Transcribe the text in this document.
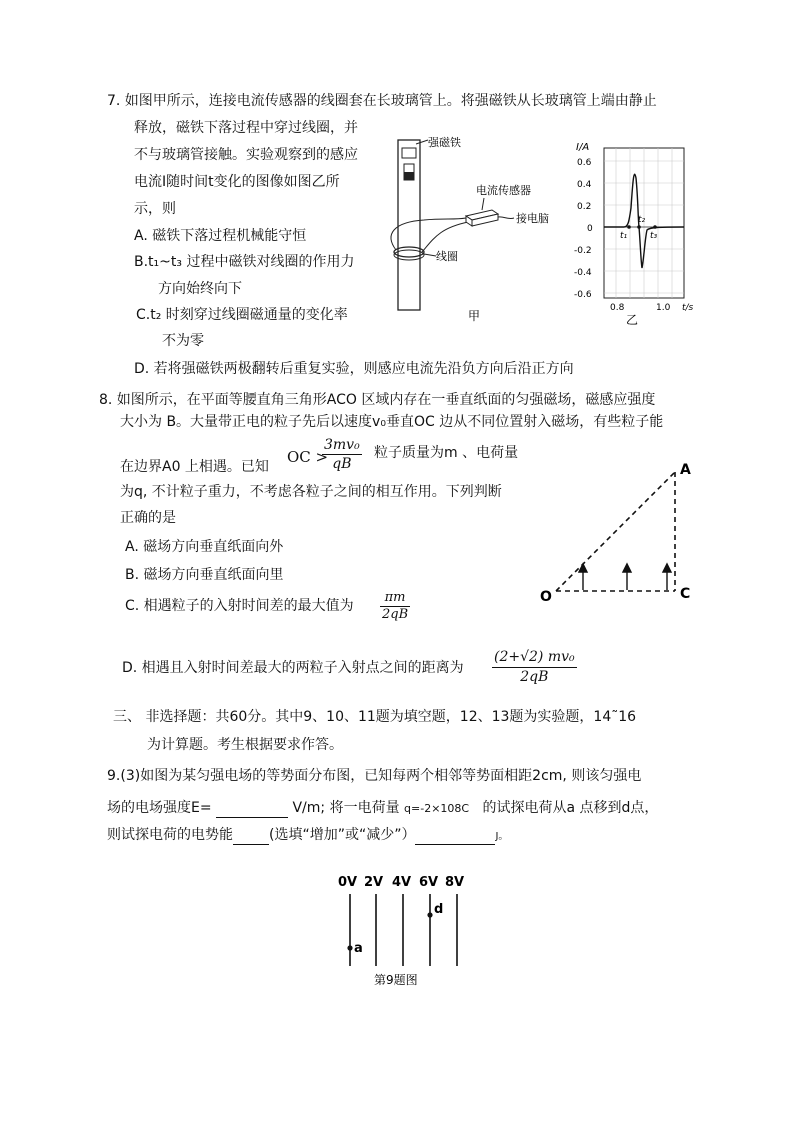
7. 如图甲所示，连接电流传感器的线圈套在长玻璃管上。将强磁铁从长玻璃管上端由静止
释放，磁铁下落过程中穿过线圈，并
不与玻璃管接触。实验观察到的感应
电流I随时间t变化的图像如图乙所
示，则
A. 磁铁下落过程机械能守恒
B.t₁~t₃ 过程中磁铁对线圈的作用力
方向始终向下
C.t₂ 时刻穿过线圈磁通量的变化率
不为零
D. 若将强磁铁两极翻转后重复实验，则感应电流先沿负方向后沿正方向
强磁铁
线圈
电流传感器
接电脑
甲
I/A
0.6
0.4
0.2
0
-0.2
-0.4
-0.6
0.8	1.0 t/s
t₁
t₂
t₃
乙
8. 如图所示，在平面等腰直角三角形ACO 区域内存在一垂直纸面的匀强磁场，磁感应强度
大小为 B。大量带正电的粒子先后以速度v₀垂直OC 边从不同位置射入磁场，有些粒子能
在边界A0 上相遇。已知
OC >
$\frac{\text{3mv₀}}{qB}$ 粒子质量为m 、电荷量
为q, 不计粒子重力，不考虑各粒子之间的相互作用。下列判断
正确的是
A. 磁场方向垂直纸面向外
B. 磁场方向垂直纸面向里
C. 相遇粒子的入射时间差的最大值为 $\frac{\pi m}{2qB}$
D. 相遇且入射时间差最大的两粒子入射点之间的距离为 $\frac{\text{(2+√2) mv₀}}{2qB}$
A
O	C
三、 非选择题：共60分。其中9、10、11题为填空题，12、13题为实验题，14˜16
为计算题。考生根据要求作答。
9.(3)如图为某匀强电场的等势面分布图，已知每两个相邻等势面相距2cm, 则该匀强电
场的电场强度E=	V/m; 将一电荷量 q=-2×108C 的试探电荷从a 点移到d点，
则试探电荷的电势能	(选填“增加”或“减少”）	J。
0V 2V 4V 6V 8V
a
d
第9题图
